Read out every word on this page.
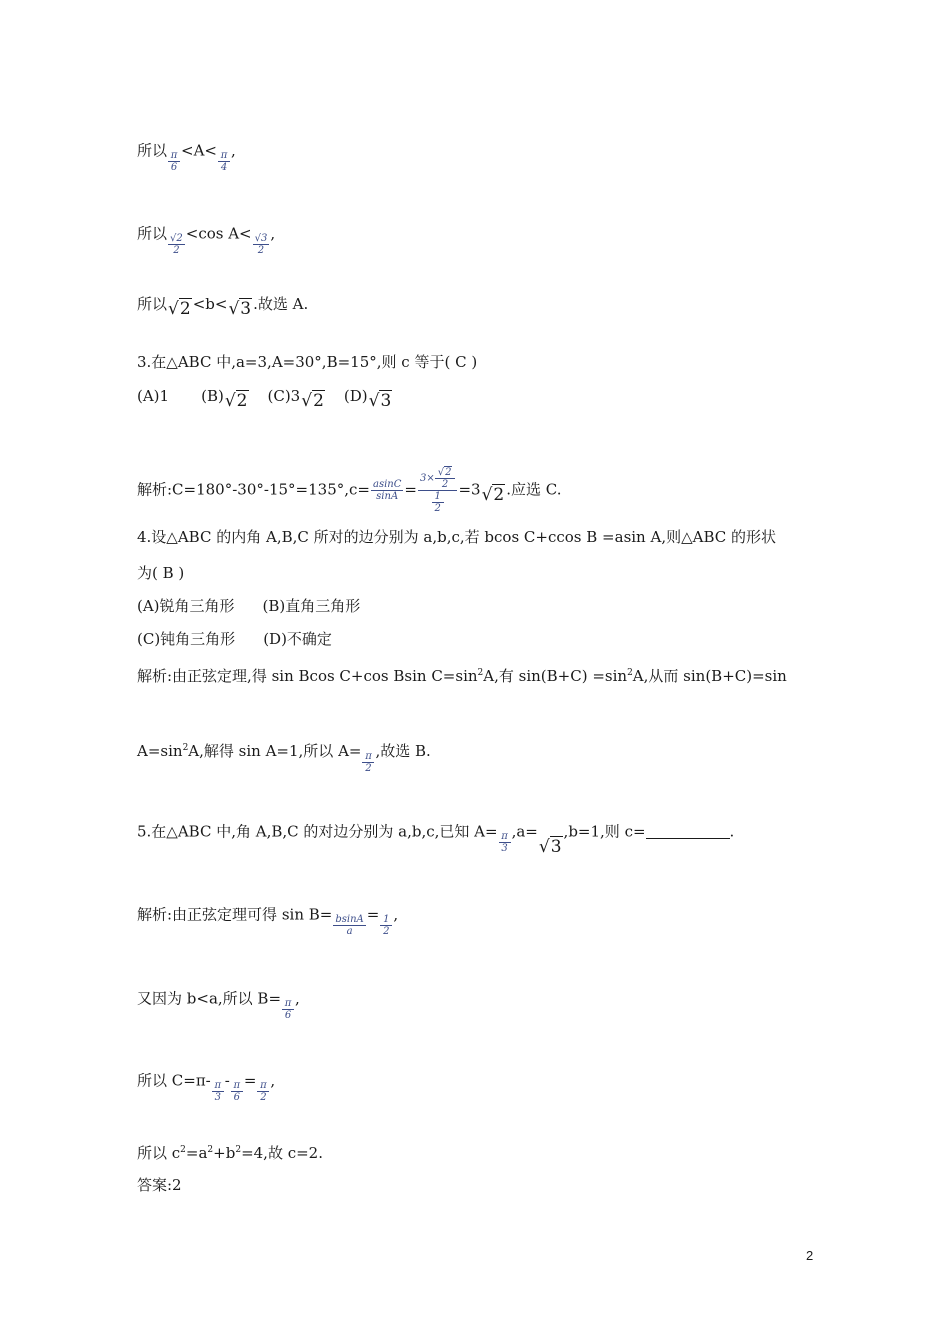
所以 $\frac{\pi}{6} <A< \frac{\pi}{4}$ ,
所以 $\frac{√2}{2} <\cos$ $A< \frac{√3}{2}$ ,
所以√2 <b<√3 .故选 A.
3.在△ABC 中,a=3,A=30°,B=15°,则 c 等于( C )
(A)1 (B)√2 (C)3√2 (D)√3
解析:C=180°-30°-15°=135°,c= $\frac{asinC}{\sin A} = \frac{3\times \frac{√2}{2}}{\frac{1}{2}} =3√2$ .应选 C.
4.设△ABC 的内角 A,B,C 所对的边分别为 a,b,c,若 bcos C+ccos B =asin A,则△ABC 的形状
为( B )
(A)锐角三角形 (B)直角三角形
(C)钝角三角形 (D)不确定
解析:由正弦定理,得 sin Bcos C+cos Bsin $C=\sin^2A$,有 $\sin(B+C) =\sin^2A$,从而 sin(B+C)=sin
$A=\sin^2A$,解得 sin A=1,所以 $A= \frac{\pi}{2}$ ,故选 B.
5.在△ABC 中,角 A,B,C 的对边分别为 a,b,c,已知 $A= \frac{\pi}{3} ,a=√3,b=1$,则 c=	.
解析:由正弦定理可得 $\sin B= \frac{bsinA}{a} = \frac{1}{2}$ ,
又因为 b<a,所以 $B= \frac{\pi}{6}$ ,
所以 $C=\pi- \frac{\pi}{3} - \frac{\pi}{6} = \frac{\pi}{2}$ ,
所以 $c^2=a^2+b^2=4$,故 c=2.
答案:2
2
